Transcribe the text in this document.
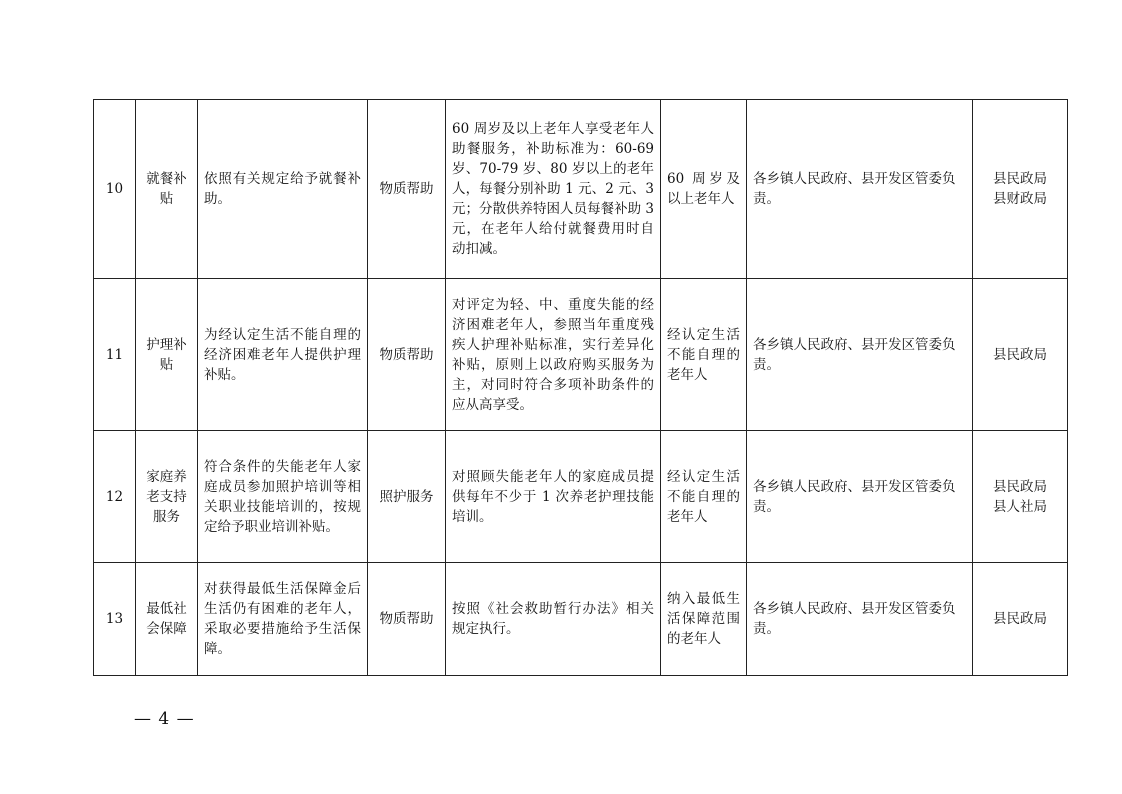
10	就餐补贴	依照有关规定给予就餐补助。	物质帮助	60 周岁及以上老年人享受老年人助餐服务，补助标准为：60-69 岁、70-79 岁、80 岁以上的老年人，每餐分别补助 1 元、2 元、3 元；分散供养特困人员每餐补助 3 元，在老年人给付就餐费用时自动扣减。	60 周岁及以上老年人	各乡镇人民政府、县开发区管委负责。	县民政局
县财政局
11	护理补贴	为经认定生活不能自理的经济困难老年人提供护理补贴。	物质帮助	对评定为轻、中、重度失能的经济困难老年人，参照当年重度残疾人护理补贴标准，实行差异化补贴，原则上以政府购买服务为主，对同时符合多项补助条件的应从高享受。	经认定生活不能自理的老年人	各乡镇人民政府、县开发区管委负责。	县民政局
12	家庭养老支持服务	符合条件的失能老年人家庭成员参加照护培训等相关职业技能培训的，按规定给予职业培训补贴。	照护服务	对照顾失能老年人的家庭成员提供每年不少于 1 次养老护理技能培训。	经认定生活不能自理的老年人	各乡镇人民政府、县开发区管委负责。	县民政局
县人社局
13	最低社会保障	对获得最低生活保障金后生活仍有困难的老年人，采取必要措施给予生活保障。	物质帮助	按照《社会救助暂行办法》相关规定执行。	纳入最低生活保障范围的老年人	各乡镇人民政府、县开发区管委负责。	县民政局
— 4 —
